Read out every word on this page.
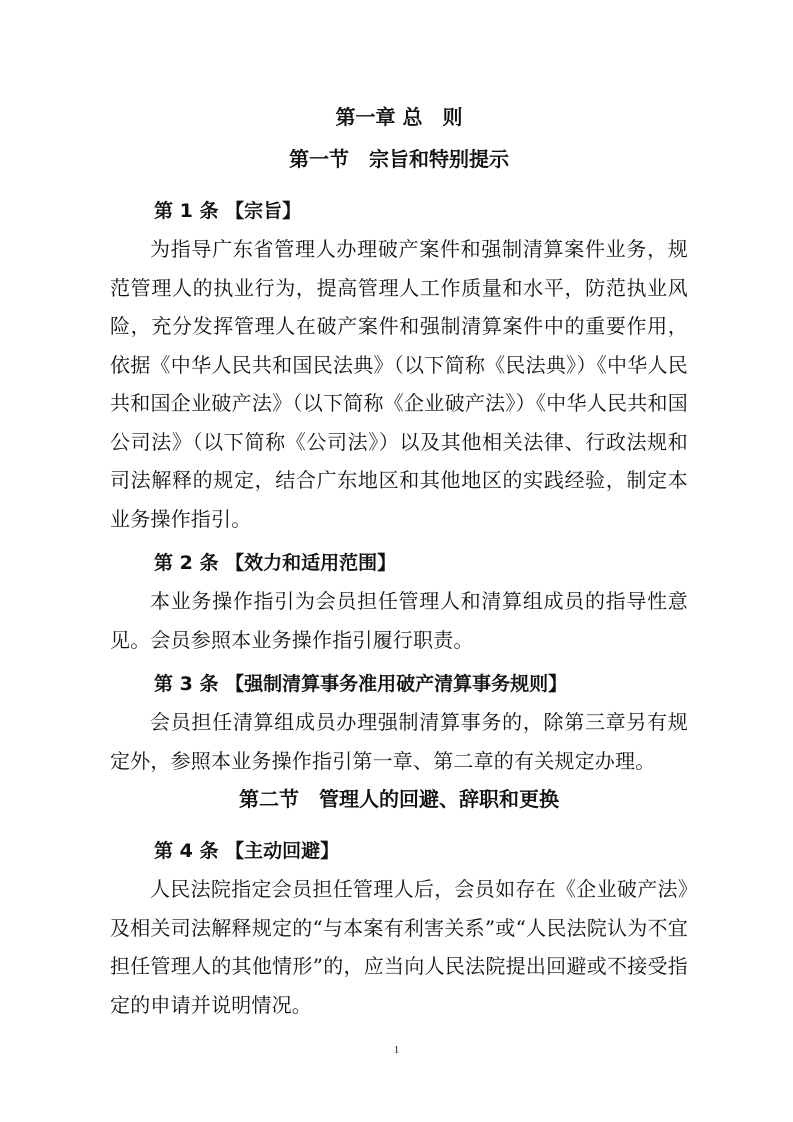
第一章 总　则
第一节　宗旨和特别提示
第 1 条 【宗旨】

为指导广东省管理人办理破产案件和强制清算案件业务，规范管理人的执业行为，提高管理人工作质量和水平，防范执业风险，充分发挥管理人在破产案件和强制清算案件中的重要作用，依据《中华人民共和国民法典》（以下简称《民法典》）《中华人民共和国企业破产法》（以下简称《企业破产法》）《中华人民共和国公司法》（以下简称《公司法》）以及其他相关法律、行政法规和司法解释的规定，结合广东地区和其他地区的实践经验，制定本业务操作指引。

第 2 条 【效力和适用范围】

本业务操作指引为会员担任管理人和清算组成员的指导性意见。会员参照本业务操作指引履行职责。

第 3 条 【强制清算事务准用破产清算事务规则】

会员担任清算组成员办理强制清算事务的，除第三章另有规定外，参照本业务操作指引第一章、第二章的有关规定办理。

第二节　管理人的回避、辞职和更换
第 4 条 【主动回避】

人民法院指定会员担任管理人后，会员如存在《企业破产法》及相关司法解释规定的“与本案有利害关系”或“人民法院认为不宜担任管理人的其他情形”的，应当向人民法院提出回避或不接受指定的申请并说明情况。

1
